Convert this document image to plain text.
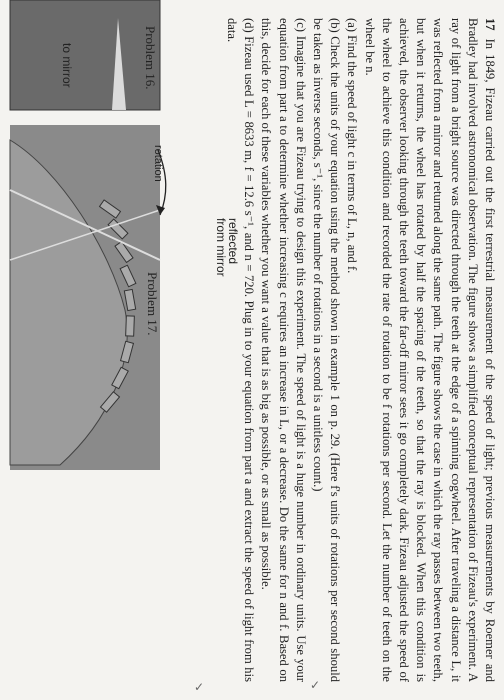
to mirror
rotation
reflected
from mirror
Problem 16.
Problem 17.

17In 1849, Fizeau carried out the first terrestrial measurement of the speed of light; previous measurements by Roemer and Bradley had involved astronomical observation. The figure shows a simplified conceptual representation of Fizeau's experiment. A ray of light from a bright source was directed through the teeth at the edge of a spinning cogwheel. After traveling a distance L, it was reflected from a mirror and returned along the same path. The figure shows the case in which the ray passes between two teeth, but when it returns, the wheel has rotated by half the spacing of the teeth, so that the ray is blocked. When this condition is achieved, the observer looking through the teeth toward the far-off mirror sees it go completely dark. Fizeau adjusted the speed of the wheel to achieve this condition and recorded the rate of rotation to be f rotations per second. Let the number of teeth on the wheel be n.

(a) Find the speed of light c in terms of L, n, and f.

(b) Check the units of your equation using the method shown in example 1 on p. 29. (Here f's units of rotations per second should be taken as inverse seconds, s⁻¹, since the number of rotations in a second is a unitless count.)

(c) Imagine that you are Fizeau trying to design this experiment. The speed of light is a huge number in ordinary units. Use your equation from part a to determine whether increasing c requires an increase in L, or a decrease. Do the same for n and f. Based on this, decide for each of these variables whether you want a value that is as big as possible, or as small as possible.

(d) Fizeau used L = 8633 m, f = 12.6 s⁻¹, and n = 720. Plug in to your equation from part a and extract the speed of light from his data.

✓
✓
